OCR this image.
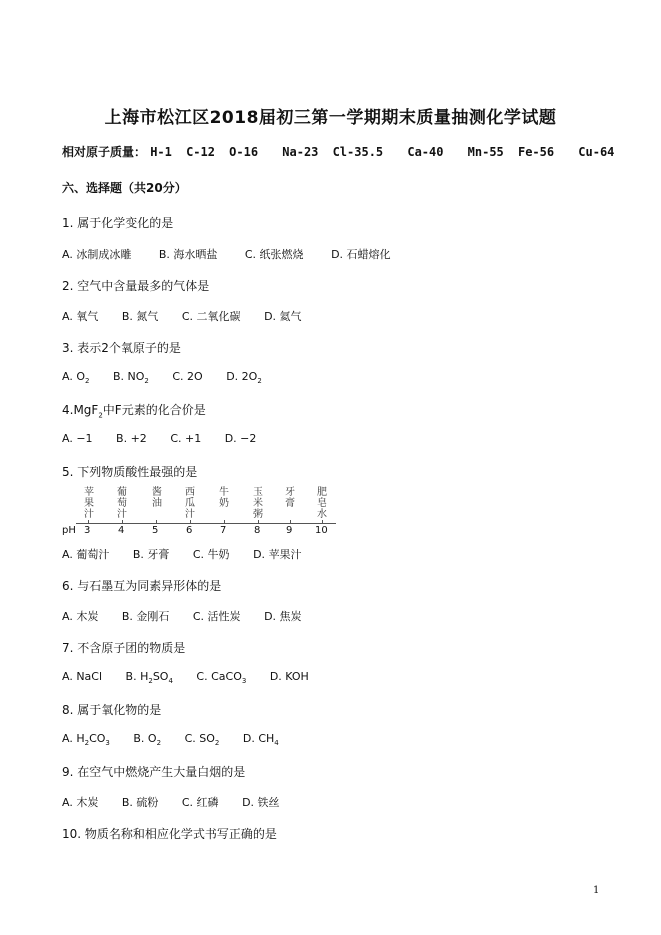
上海市松江区2018届初三第一学期期末质量抽测化学试题
相对原子质量： H-1 C-12 O-16 Na-23 Cl-35.5 Ca-40 Mn-55 Fe-56 Cu-64
六、选择题（共20分）
1. 属于化学变化的是
A. 冰制成冰雕	B. 海水晒盐	C. 纸张燃烧	D. 石蜡熔化
2. 空气中含量最多的气体是
A. 氧气 B. 氮气 C. 二氧化碳 D. 氦气
3. 表示2个氧原子的是
A. $O_2$ B. $NO_2$ C. 2O D. $2O_2$
4.MgF$_2$中F元素的化合价是
A. −1 B. +2 C. +1 D. −2
5. 下列物质酸性最强的是
苹果汁
葡萄汁
酱油
西瓜汁
牛奶
玉米粥
牙膏
肥皂水
pH 3	4	5	6	7	8	9 10
A. 葡萄汁 B. 牙膏 C. 牛奶 D. 苹果汁
6. 与石墨互为同素异形体的是
A. 木炭 B. 金刚石 C. 活性炭 D. 焦炭
7. 不含原子团的物质是
A. NaCl B. $H_2SO_4$ C. CaCO$_3$ D. KOH
8. 属于氧化物的是
A. $H_2CO_3$ B. $O_2$ C. $SO_2$ D. $CH_4$
9. 在空气中燃烧产生大量白烟的是
A. 木炭 B. 硫粉 C. 红磷 D. 铁丝
10. 物质名称和相应化学式书写正确的是
1
